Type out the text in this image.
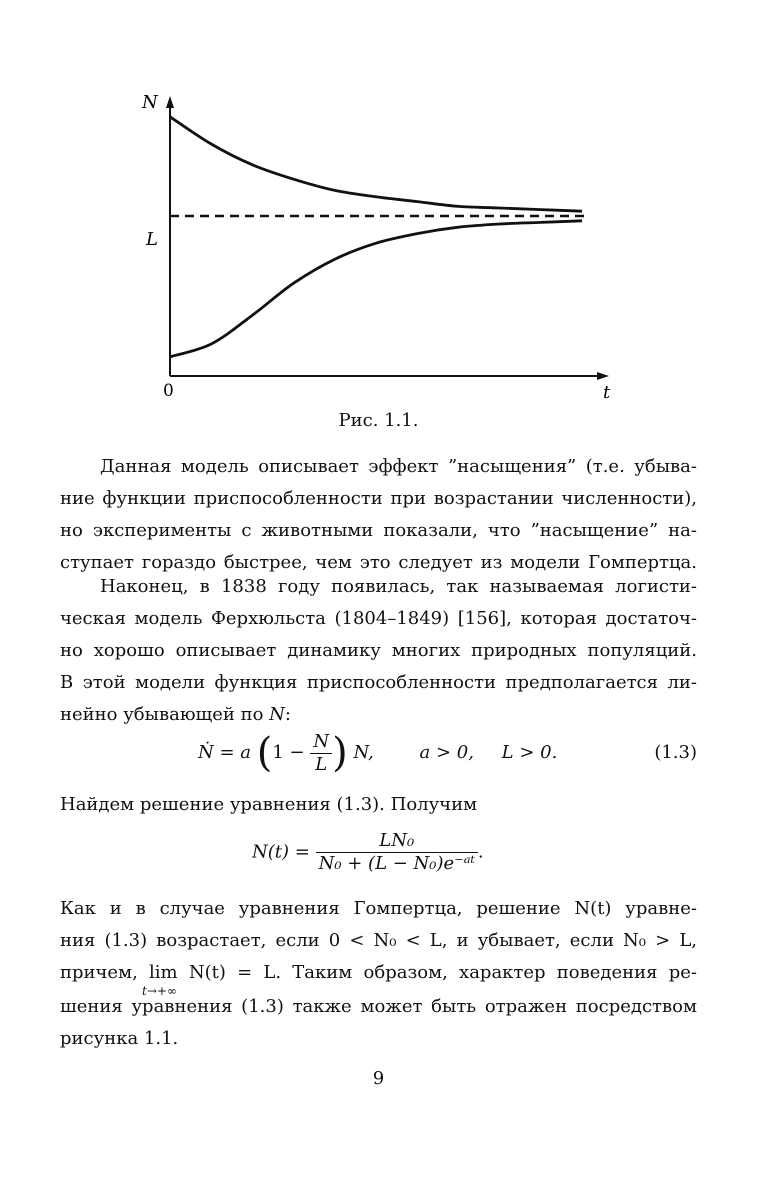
N
t
0
L
Рис. 1.1.
Данная модель описывает эффект ”насыщения” (т.е. убыва-
ние функции приспособленности при возрастании численности),
но эксперименты с животными показали, что ”насыщение” на-
ступает гораздо быстрее, чем это следует из модели Гомпертца.
Наконец, в 1838 году появилась, так называемая логисти-
ческая модель Ферхюльста (1804–1849) [156], которая достаточ-
но хорошо описывает динамику многих природных популяций.
В этой модели функция приспособленности предполагается ли-
нейно убывающей по N:
Ṅ = a ($1 - \frac{N}{L}$ ) N,	a > 0, L > 0.	(1.3)
Найдем решение уравнения (1.3). Получим
$N(t) = \frac{\text{LN₀}}{\text{N₀ + (L − N₀)e⁻ᵃᵗ}}$ .
Как и в случае уравнения Гомпертца, решение N(t) уравне-
ния (1.3) возрастает, если 0 < N₀ < L, и убывает, если N₀ > L,
причем, lim N(t) = L. Таким образом, характер поведения ре-
t→+∞
шения уравнения (1.3) также может быть отражен посредством
рисунка 1.1.
9
